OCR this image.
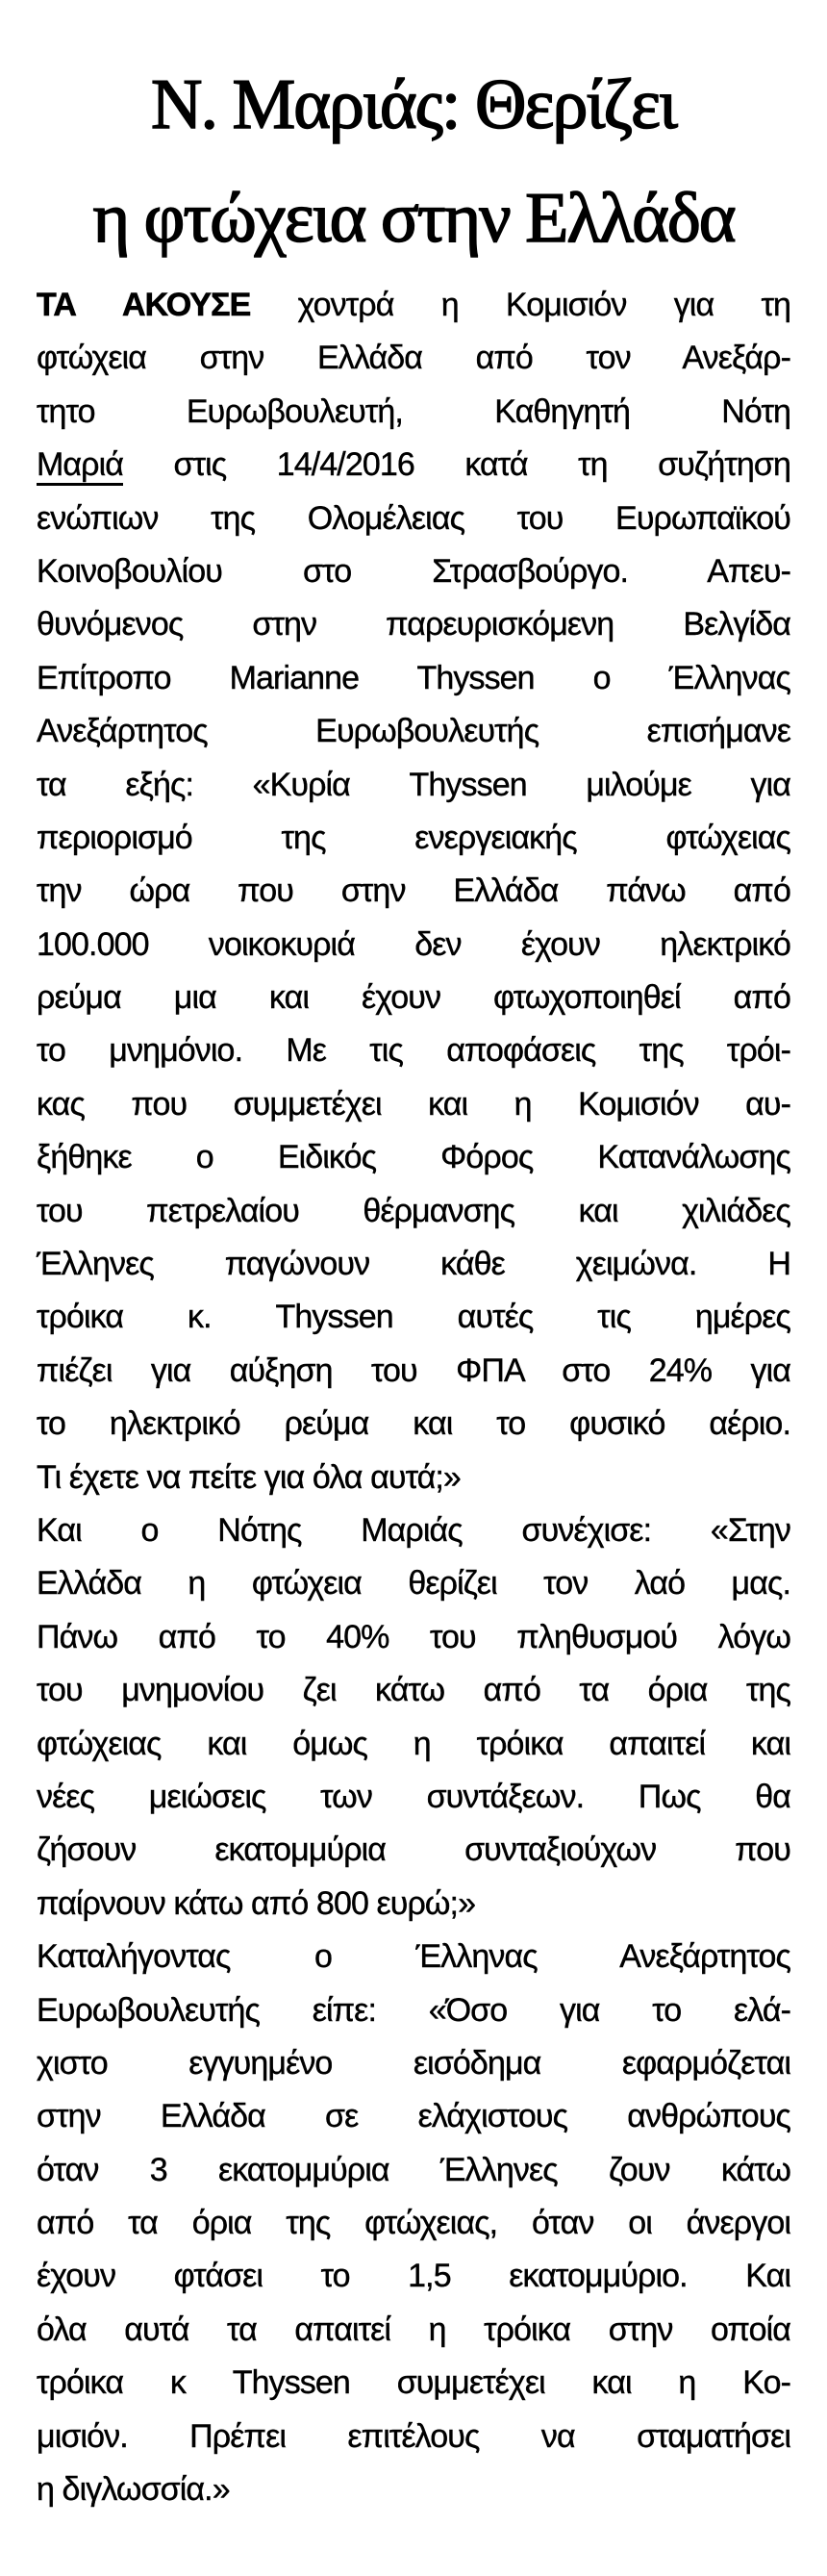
Ν. Μαριάς: Θερίζει
η φτώχεια στην Ελλάδα
ΤΑ ΑΚΟΥΣΕ χοντρά η Κομισιόν για τη
φτώχεια στην Ελλάδα από τον Ανεξάρ-
τητο Ευρωβουλευτή, Καθηγητή Νότη
Μαριά στις 14/4/2016 κατά τη συζήτηση
ενώπιων της Ολομέλειας του Ευρωπαϊκού
Κοινοβουλίου στο Στρασβούργο. Απευ-
θυνόμενος στην παρευρισκόμενη Βελγίδα
Επίτροπο Marianne Thyssen ο Έλληνας
Ανεξάρτητος Ευρωβουλευτής επισήμανε
τα εξής: «Κυρία Thyssen μιλούμε για
περιορισμό της ενεργειακής φτώχειας
την ώρα που στην Ελλάδα πάνω από
100.000 νοικοκυριά δεν έχουν ηλεκτρικό
ρεύμα μια και έχουν φτωχοποιηθεί από
το μνημόνιο. Με τις αποφάσεις της τρόι-
κας που συμμετέχει και η Κομισιόν αυ-
ξήθηκε ο Ειδικός Φόρος Κατανάλωσης
του πετρελαίου θέρμανσης και χιλιάδες
Έλληνες παγώνουν κάθε χειμώνα. Η
τρόικα κ. Thyssen αυτές τις ημέρες
πιέζει για αύξηση του ΦΠΑ στο 24% για
το ηλεκτρικό ρεύμα και το φυσικό αέριο.
Τι έχετε να πείτε για όλα αυτά;»
Και ο Νότης Μαριάς συνέχισε: «Στην
Ελλάδα η φτώχεια θερίζει τον λαό μας.
Πάνω από το 40% του πληθυσμού λόγω
του μνημονίου ζει κάτω από τα όρια της
φτώχειας και όμως η τρόικα απαιτεί και
νέες μειώσεις των συντάξεων. Πως θα
ζήσουν εκατομμύρια συνταξιούχων που
παίρνουν κάτω από 800 ευρώ;»
Καταλήγοντας ο Έλληνας Ανεξάρτητος
Ευρωβουλευτής είπε: «Όσο για το ελά-
χιστο εγγυημένο εισόδημα εφαρμόζεται
στην Ελλάδα σε ελάχιστους ανθρώπους
όταν 3 εκατομμύρια Έλληνες ζουν κάτω
από τα όρια της φτώχειας, όταν οι άνεργοι
έχουν φτάσει το 1,5 εκατομμύριο. Και
όλα αυτά τα απαιτεί η τρόικα στην οποία
τρόικα κ Thyssen συμμετέχει και η Κο-
μισιόν. Πρέπει επιτέλους να σταματήσει
η διγλωσσία.»
